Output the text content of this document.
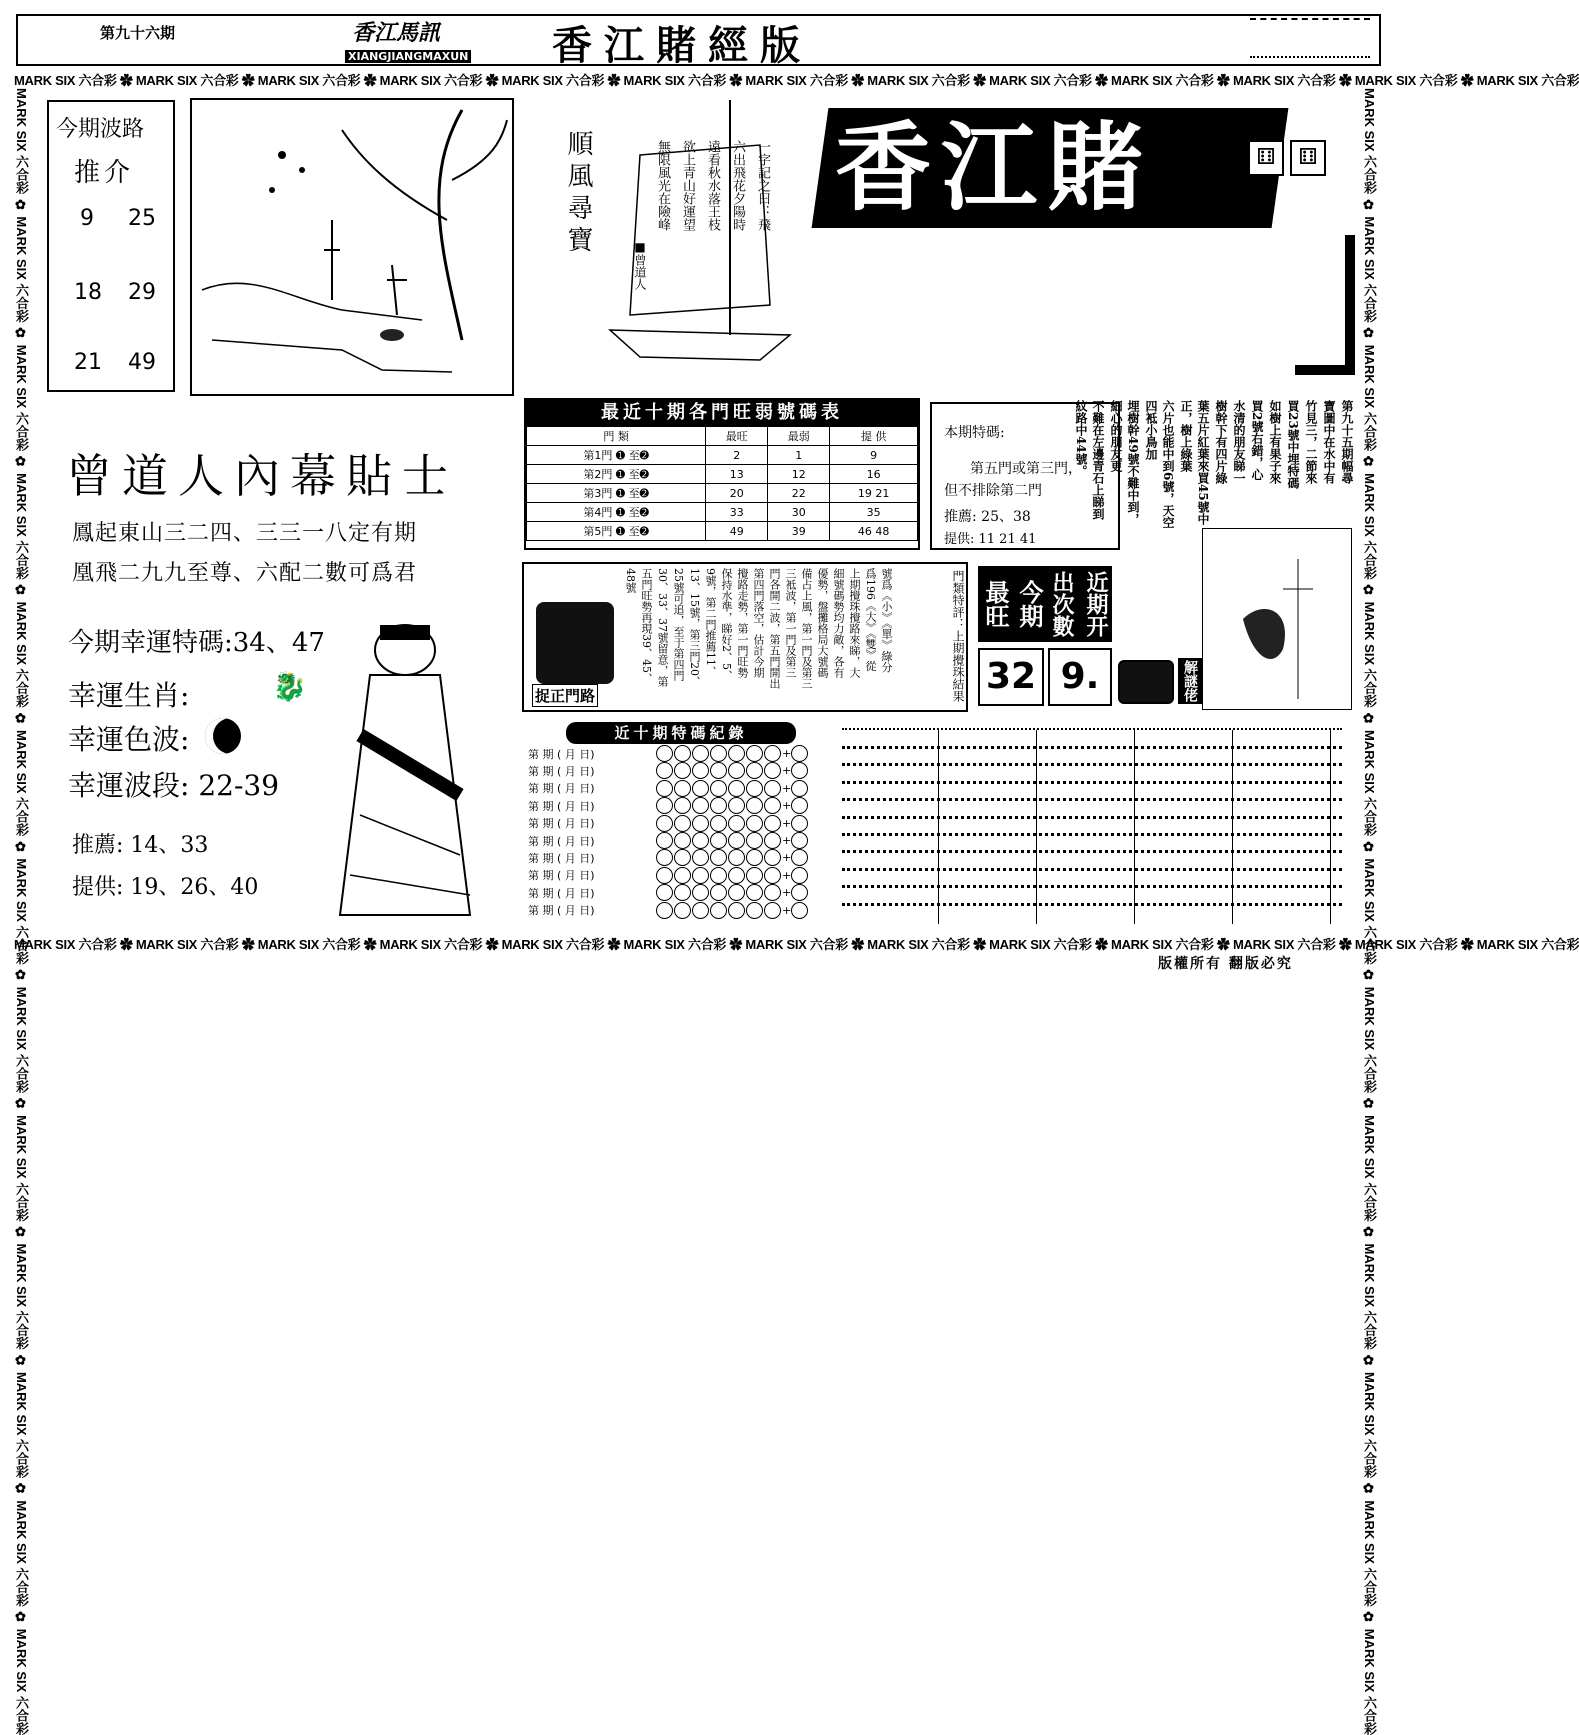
第九十六期	香江馬訊
XIANGJIANGMAXUN 香江賭經版
MARK SIX 六合彩 ✿ MARK SIX 六合彩 ✿ MARK SIX 六合彩 ✿ MARK SIX 六合彩 ✿ MARK SIX 六合彩 ✿ MARK SIX 六合彩 ✿ MARK SIX 六合彩 ✿ MARK SIX 六合彩 ✿ MARK SIX 六合彩 ✿ MARK SIX 六合彩 ✿ MARK SIX 六合彩 ✿ MARK SIX 六合彩 ✿ MARK SIX 六合彩
MARK SIX 六合彩 ✿ MARK SIX 六合彩 ✿ MARK SIX 六合彩 ✿ MARK SIX 六合彩 ✿ MARK SIX 六合彩 ✿ MARK SIX 六合彩 ✿ MARK SIX 六合彩 ✿ MARK SIX 六合彩 ✿ MARK SIX 六合彩 ✿ MARK SIX 六合彩 ✿ MARK SIX 六合彩 ✿ MARK SIX 六合彩 ✿ MARK SIX 六合彩
MARK SIX 六合彩 ✿ MARK SIX 六合彩 ✿ MARK SIX 六合彩 ✿ MARK SIX 六合彩 ✿ MARK SIX 六合彩 ✿ MARK SIX 六合彩 ✿ MARK SIX 六合彩 ✿ MARK SIX 六合彩 ✿ MARK SIX 六合彩 ✿ MARK SIX 六合彩 ✿ MARK SIX 六合彩 ✿ MARK SIX 六合彩 ✿ MARK SIX 六合彩	MARK SIX 六合彩 ✿ MARK SIX 六合彩 ✿ MARK SIX 六合彩 ✿ MARK SIX 六合彩 ✿ MARK SIX 六合彩 ✿ MARK SIX 六合彩 ✿ MARK SIX 六合彩 ✿ MARK SIX 六合彩 ✿ MARK SIX 六合彩 ✿ MARK SIX 六合彩 ✿ MARK SIX 六合彩 ✿ MARK SIX 六合彩 ✿ MARK SIX 六合彩
今期波路
推介
9 25
18 29
21 49
順風尋寶	一字記之曰：飛
六出飛花夕陽時
遠看秋水落王枝
欲上青山好運望
無限風光在險峰
■曾道人
香江賭	⚅	⚅
第九十五期幅尋
寶圖中在水中有
竹見三，二節來
買23號中埋特碼
如樹上有果子來
買2號右錯，心
水清的朋友睇一
樹幹下有四片綠
葉五片紅葉來買45號中正，樹上綠葉
六片也能中到6號，天空四袛小鳥加
埋樹幹49號不難中到，細心的朋友更
不難在左邊青石上睇到紋路中44號。
曾道人內幕貼士
鳳起東山三二四、三三一八定有期
凰飛二九九至尊、六配二數可爲君
今期幸運特碼:34、47
幸運生肖:	🐉
幸運色波:
幸運波段: 22-39
推薦: 14、33
提供: 19、26、40
最近十期各門旺弱號碼表
門 類	最旺	最弱	提 供
第1門 ➊ 至➋	2	1	9
第2門 ➊ 至➋	13	12	16
第3門 ➊ 至➋	20	22	19 21
第4門 ➊ 至➋	33	30	35
第5門 ➊ 至➋	49	39	46 48
本期特碼:
第五門或第三門，
但不排除第二門
推薦: 25、38
提供: 11 21 41
捉正門路
號爲《小》《單》綠分
爲196《大》《雙》從
上期攪珠攪路來睇，大
細號碼勢均力敵，各有
優勢，盤攤格局大號碼
備占上風，第一門及第三
三袛波，第一門及第三
門各開二波，第五門開出
第四門落空，估計今期
攪路走勢，第一門旺勢
保持水準，睇好2、5、
9號，第二門推薦11、
13、15號，第三門20、
25號可追，至于第四門
30、33、37號留意，第
五門旺勢再現39、45、
48號	門類特評：上期攪珠結果 最旺 今期 出次數 近期开
32 9.	解謎佬
近十期特碼紀錄
第 期 ( 月 日)	+
第 期 ( 月 日)	+
第 期 ( 月 日)	+
第 期 ( 月 日)	+
第 期 ( 月 日)	+
第 期 ( 月 日)	+
第 期 ( 月 日)	+
第 期 ( 月 日)	+
第 期 ( 月 日)	+
第 期 ( 月 日)	+
版權所有 翻版必究
